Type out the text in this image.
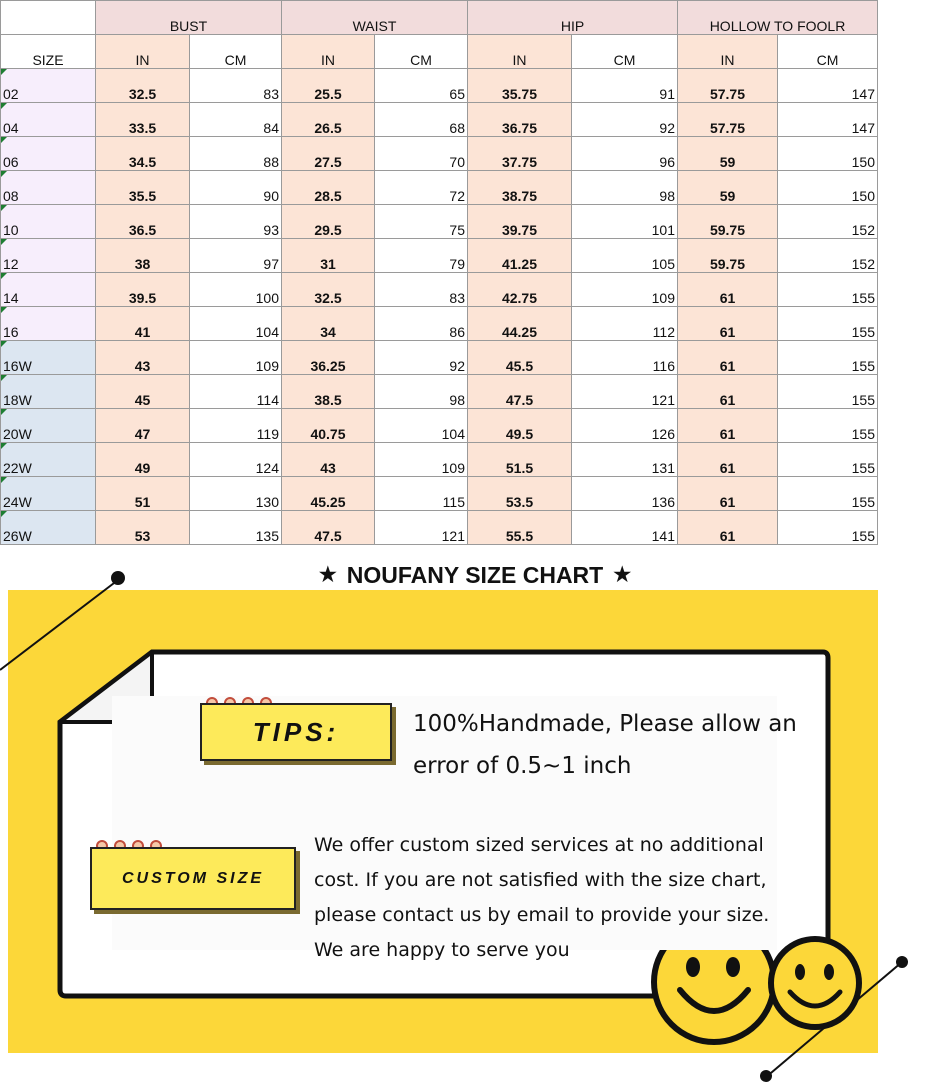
	BUST		WAIST		HIP		HOLLOW TO FOOLR	
SIZE	IN	CM	IN	CM	IN	CM	IN	CM
02	32.5	83	25.5	65	35.75	91	57.75	147
04	33.5	84	26.5	68	36.75	92	57.75	147
06	34.5	88	27.5	70	37.75	96	59	150
08	35.5	90	28.5	72	38.75	98	59	150
10	36.5	93	29.5	75	39.75	101	59.75	152
12	38	97	31	79	41.25	105	59.75	152
14	39.5	100	32.5	83	42.75	109	61	155
16	41	104	34	86	44.25	112	61	155
16W	43	109	36.25	92	45.5	116	61	155
18W	45	114	38.5	98	47.5	121	61	155
20W	47	119	40.75	104	49.5	126	61	155
22W	49	124	43	109	51.5	131	61	155
24W	51	130	45.25	115	53.5	136	61	155
26W	53	135	47.5	121	55.5	141	61	155
★ NOUFANY SIZE CHART ★
TIPS:	100%Handmade, Please allow an
error of 0.5~1 inch
CUSTOM SIZE
We offer custom sized services at no additional
cost. If you are not satisfied with the size chart,
please contact us by email to provide your size.
We are happy to serve you
